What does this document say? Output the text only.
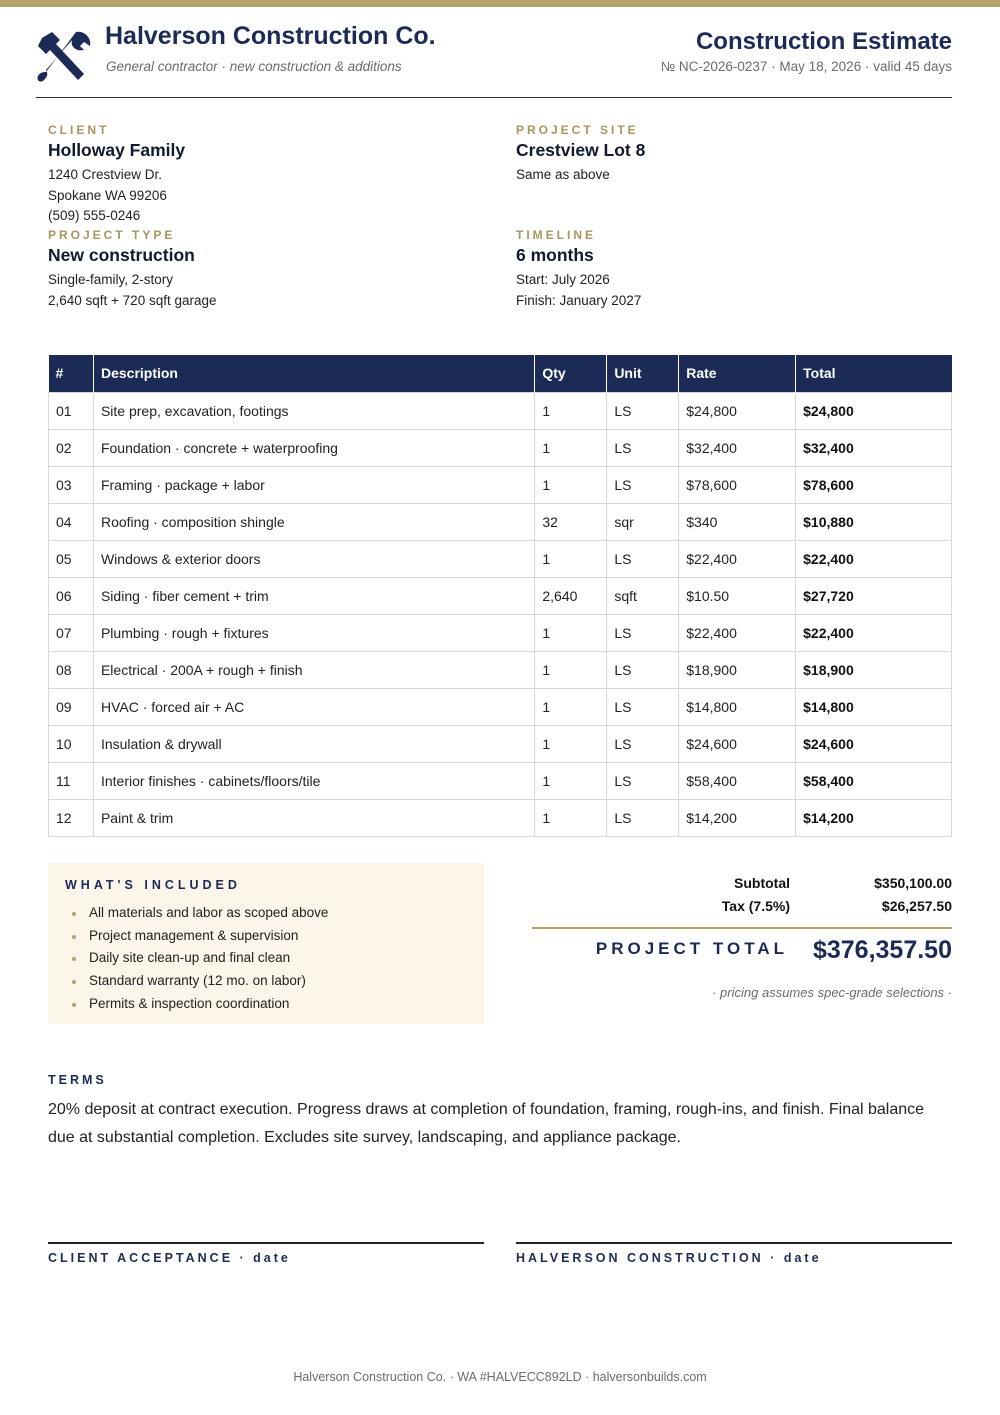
Halverson Construction Co.
General contractor · new construction & additions
Construction Estimate
№ NC-2026-0237 · May 18, 2026 · valid 45 days
CLIENT
Holloway Family
1240 Crestview Dr.
Spokane WA 99206
(509) 555-0246
PROJECT SITE
Crestview Lot 8
Same as above
PROJECT TYPE
New construction
Single-family, 2-story
2,640 sqft + 720 sqft garage
TIMELINE
6 months
Start: July 2026
Finish: January 2027
#	Description	Qty	Unit	Rate	Total
01	Site prep, excavation, footings	1	LS	$24,800	$24,800
02	Foundation · concrete + waterproofing	1	LS	$32,400	$32,400
03	Framing · package + labor	1	LS	$78,600	$78,600
04	Roofing · composition shingle	32	sqr	$340	$10,880
05	Windows & exterior doors	1	LS	$22,400	$22,400
06	Siding · fiber cement + trim	2,640	sqft	$10.50	$27,720
07	Plumbing · rough + fixtures	1	LS	$22,400	$22,400
08	Electrical · 200A + rough + finish	1	LS	$18,900	$18,900
09	HVAC · forced air + AC	1	LS	$14,800	$14,800
10	Insulation & drywall	1	LS	$24,600	$24,600
11	Interior finishes · cabinets/floors/tile	1	LS	$58,400	$58,400
12	Paint & trim	1	LS	$14,200	$14,200
WHAT'S INCLUDED
All materials and labor as scoped above
Project management & supervision
Daily site clean-up and final clean
Standard warranty (12 mo. on labor)
Permits & inspection coordination
Subtotal	$350,100.00
Tax (7.5%)	$26,257.50
PROJECT TOTAL $376,357.50
· pricing assumes spec-grade selections ·
TERMS
20% deposit at contract execution. Progress draws at completion of foundation, framing, rough-ins, and finish. Final balance due at substantial completion. Excludes site survey, landscaping, and appliance package.
CLIENT ACCEPTANCE · date	HALVERSON CONSTRUCTION · date
Halverson Construction Co. · WA #HALVECC892LD · halversonbuilds.com
